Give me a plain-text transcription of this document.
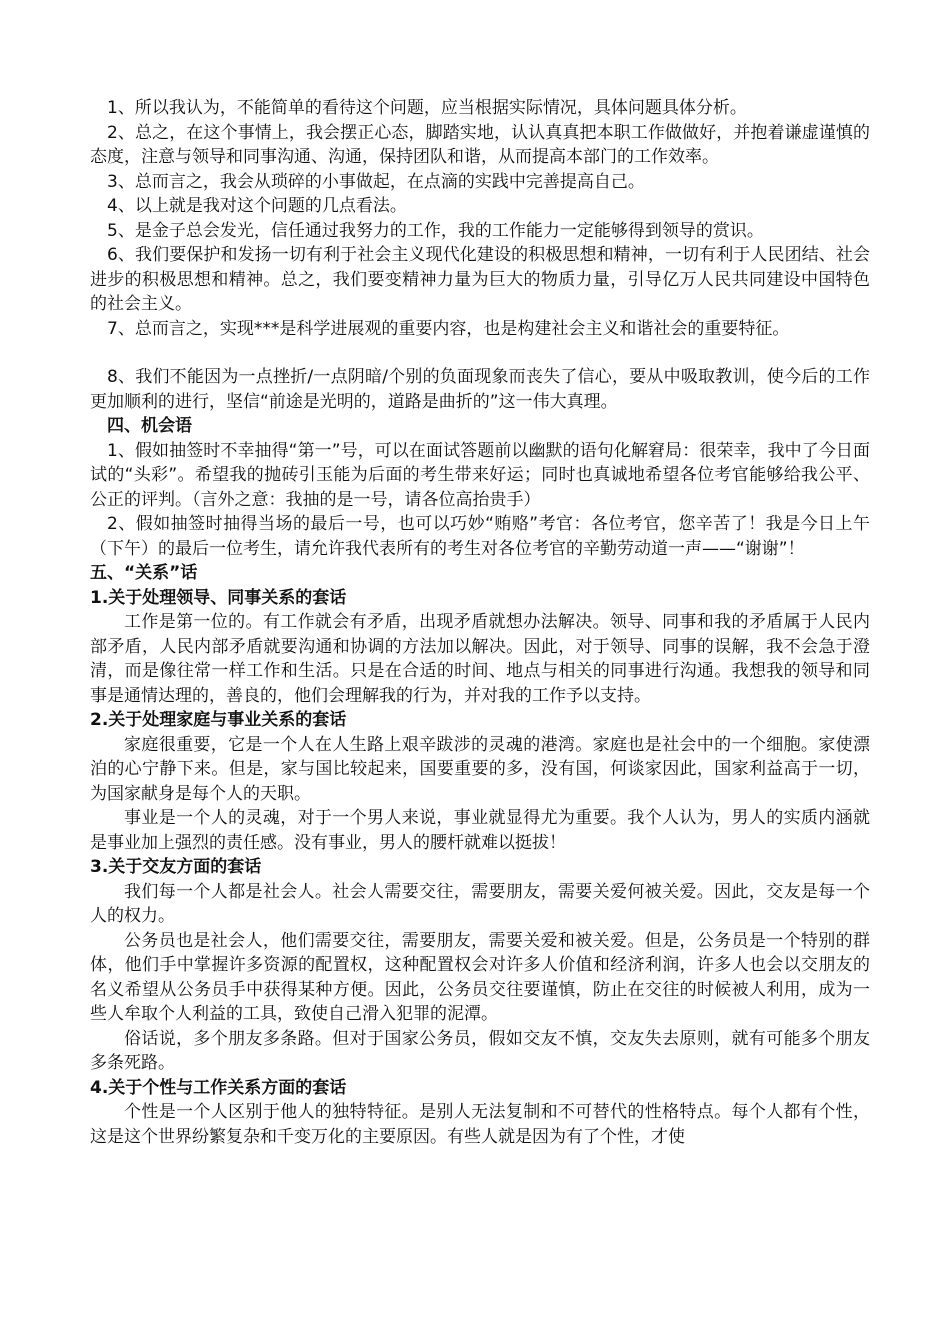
1、所以我认为，不能简单的看待这个问题，应当根据实际情况，具体问题具体分析。

2、总之，在这个事情上，我会摆正心态，脚踏实地，认认真真把本职工作做做好，并抱着谦虚谨慎的态度，注意与领导和同事沟通、沟通，保持团队和谐，从而提高本部门的工作效率。

3、总而言之，我会从琐碎的小事做起，在点滴的实践中完善提高自己。

4、以上就是我对这个问题的几点看法。

5、是金子总会发光，信任通过我努力的工作，我的工作能力一定能够得到领导的赏识。

6、我们要保护和发扬一切有利于社会主义现代化建设的积极思想和精神，一切有利于人民团结、社会进步的积极思想和精神。总之，我们要变精神力量为巨大的物质力量，引导亿万人民共同建设中国特色的社会主义。

7、总而言之，实现***是科学进展观的重要内容，也是构建社会主义和谐社会的重要特征。

8、我们不能因为一点挫折/一点阴暗/个别的负面现象而丧失了信心，要从中吸取教训，使今后的工作更加顺利的进行，坚信“前途是光明的，道路是曲折的”这一伟大真理。

四、机会语

1、假如抽签时不幸抽得“第一”号，可以在面试答题前以幽默的语句化解窘局：很荣幸，我中了今日面试的“头彩”。希望我的抛砖引玉能为后面的考生带来好运；同时也真诚地希望各位考官能够给我公平、公正的评判。（言外之意：我抽的是一号，请各位高抬贵手）

2、假如抽签时抽得当场的最后一号，也可以巧妙“贿赂”考官：各位考官，您辛苦了！我是今日上午（下午）的最后一位考生，请允许我代表所有的考生对各位考官的辛勤劳动道一声——“谢谢”！

五、“关系”话

1.关于处理领导、同事关系的套话

工作是第一位的。有工作就会有矛盾，出现矛盾就想办法解决。领导、同事和我的矛盾属于人民内部矛盾，人民内部矛盾就要沟通和协调的方法加以解决。因此，对于领导、同事的误解，我不会急于澄清，而是像往常一样工作和生活。只是在合适的时间、地点与相关的同事进行沟通。我想我的领导和同事是通情达理的，善良的，他们会理解我的行为，并对我的工作予以支持。

2.关于处理家庭与事业关系的套话

家庭很重要，它是一个人在人生路上艰辛跋涉的灵魂的港湾。家庭也是社会中的一个细胞。家使漂泊的心宁静下来。但是，家与国比较起来，国要重要的多，没有国，何谈家因此，国家利益高于一切，为国家献身是每个人的天职。

事业是一个人的灵魂，对于一个男人来说，事业就显得尤为重要。我个人认为，男人的实质内涵就是事业加上强烈的责任感。没有事业，男人的腰杆就难以挺拔！

3.关于交友方面的套话

我们每一个人都是社会人。社会人需要交往，需要朋友，需要关爱何被关爱。因此，交友是每一个人的权力。

公务员也是社会人，他们需要交往，需要朋友，需要关爱和被关爱。但是，公务员是一个特别的群体，他们手中掌握许多资源的配置权，这种配置权会对许多人价值和经济利润，许多人也会以交朋友的名义希望从公务员手中获得某种方便。因此，公务员交往要谨慎，防止在交往的时候被人利用，成为一些人牟取个人利益的工具，致使自己滑入犯罪的泥潭。

俗话说，多个朋友多条路。但对于国家公务员，假如交友不慎，交友失去原则，就有可能多个朋友多条死路。

4.关于个性与工作关系方面的套话

个性是一个人区别于他人的独特特征。是别人无法复制和不可替代的性格特点。每个人都有个性，这是这个世界纷繁复杂和千变万化的主要原因。有些人就是因为有了个性，才使
